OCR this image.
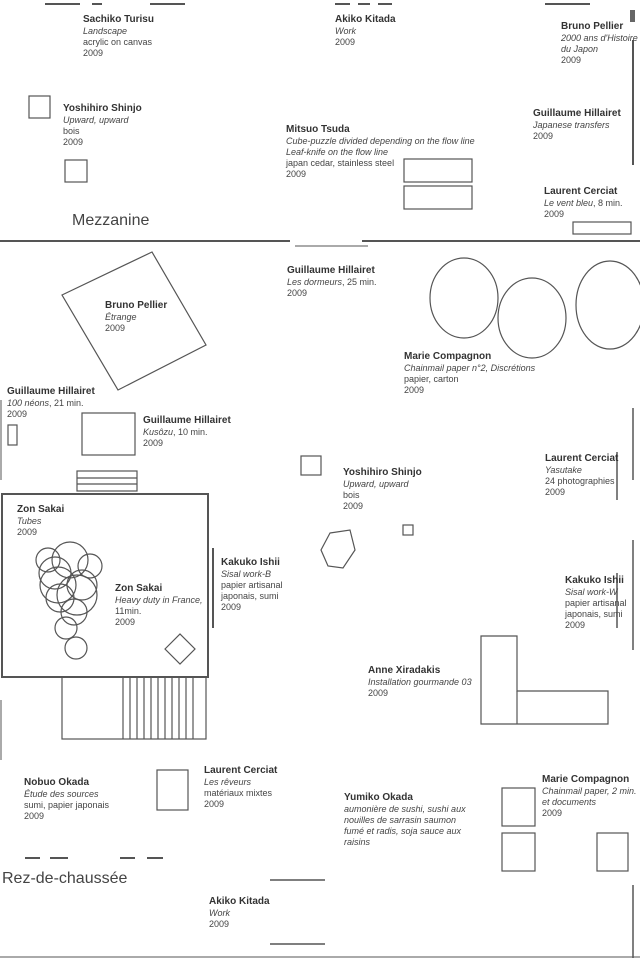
Mezzanine
Rez-de-chaussée
Sachiko Turisu
Landscape
acrylic on canvas
2009
Akiko Kitada
Work
2009
Bruno Pellier
2000 ans d'Histoire du Japon
2009
Yoshihiro Shinjo
Upward, upward
bois
2009
Mitsuo Tsuda
Cube-puzzle divided depending on the flow line
Leaf-knife on the flow line
japan cedar, stainless steel
2009
Guillaume Hillairet
Japanese transfers
2009
Laurent Cerciat
Le vent bleu, 8 min.
2009
Guillaume Hillairet
Les dormeurs, 25 min.
2009
Bruno Pellier
Étrange
2009
Marie Compagnon
Chainmail paper n°2, Discrétions
papier, carton
2009
Guillaume Hillairet
100 néons, 21 min.
2009
Guillaume Hillairet
Kusôzu, 10 min.
2009
Laurent Cerciat
Yasutake
24 photographies
2009
Zon Sakai
Tubes
2009
Yoshihiro Shinjo
Upward, upward
bois
2009
Kakuko Ishii
Sisal work-B
papier artisanal japonais, sumi
2009
Zon Sakai
Heavy duty in France,
11min.
2009
Kakuko Ishii
Sisal work-W
papier artisanal japonais, sumi
2009
Anne Xiradakis
Installation gourmande 03
2009
Nobuo Okada
Étude des sources
sumi, papier japonais
2009
Laurent Cerciat
Les rêveurs
matériaux mixtes
2009
Yumiko Okada
aumonière de sushi, sushi aux nouilles de sarrasin saumon fumé et radis, soja sauce aux raisins
Marie Compagnon
Chainmail paper, 2 min. et documents
2009
Akiko Kitada
Work
2009
